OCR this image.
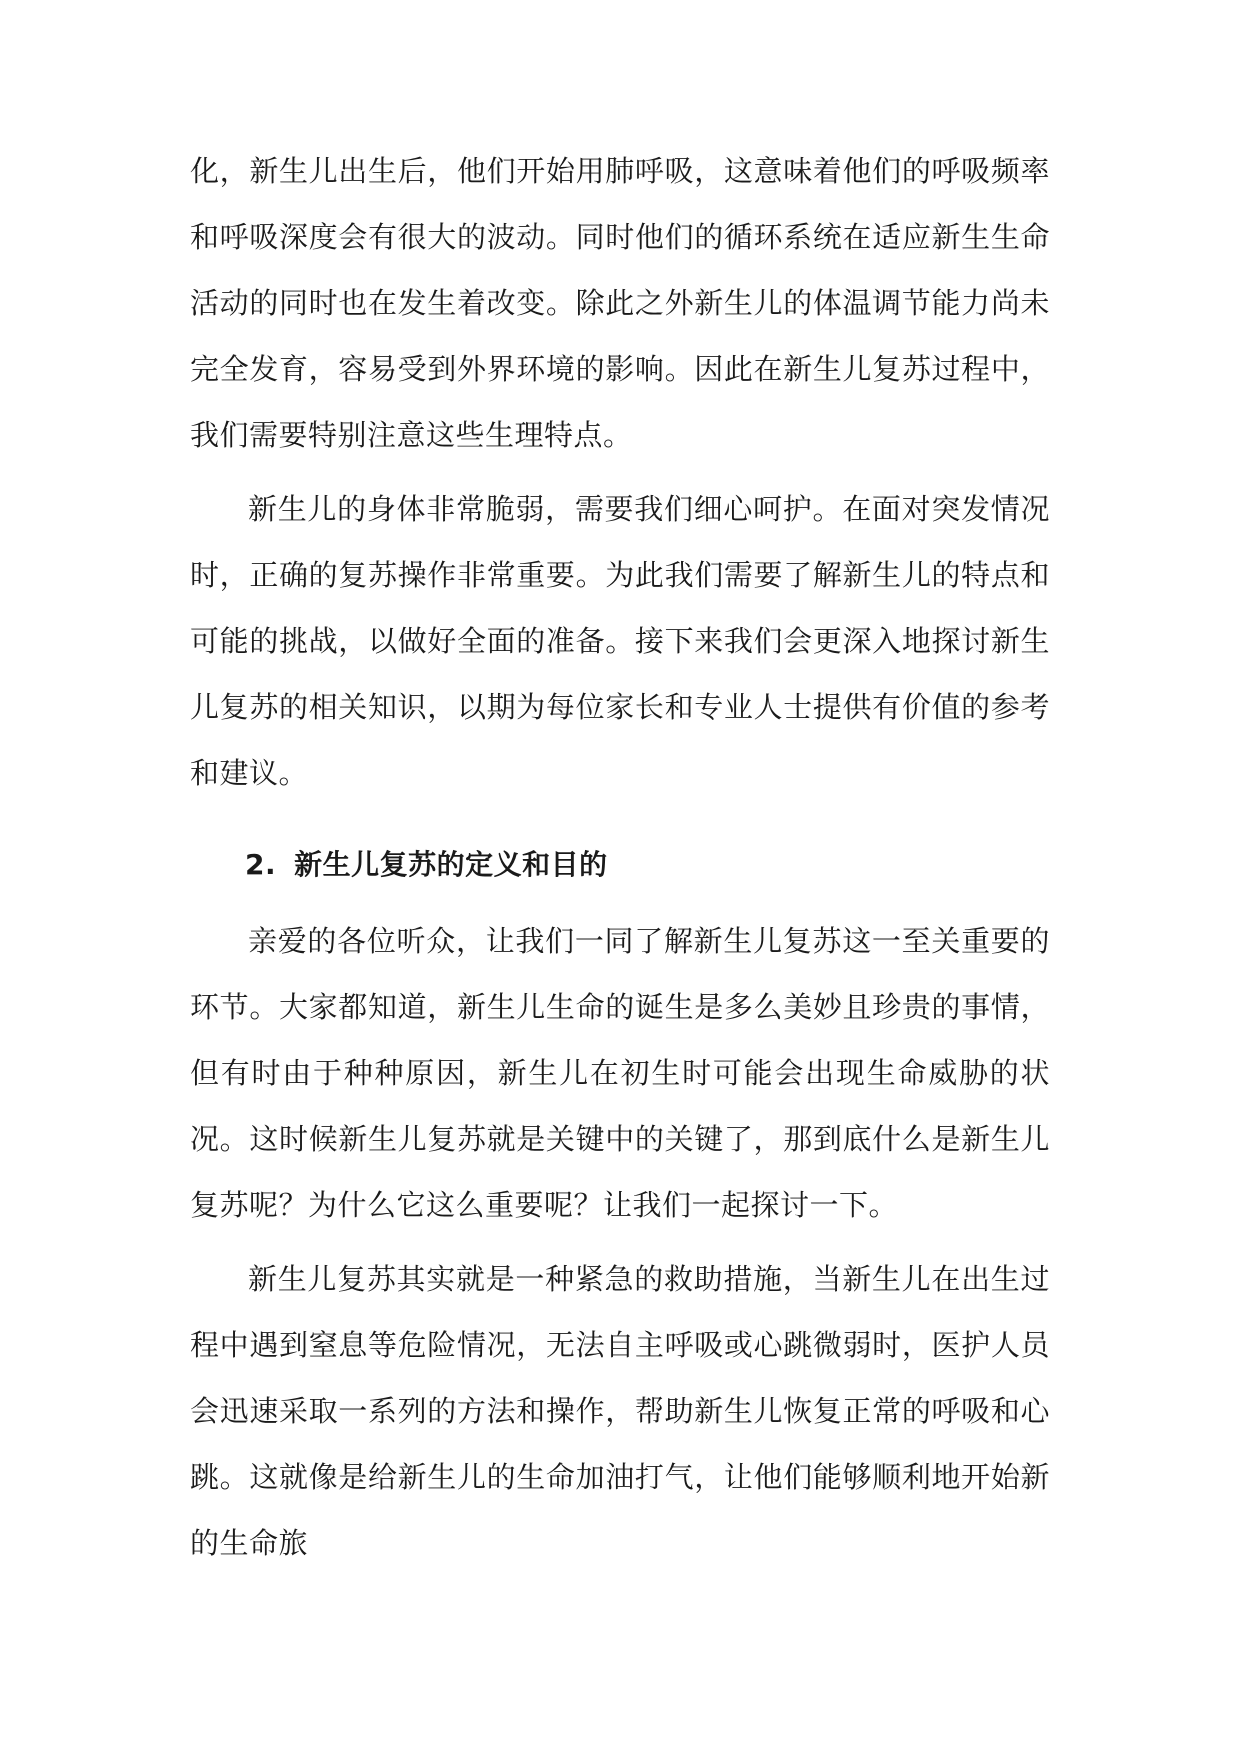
化，新生儿出生后，他们开始用肺呼吸，这意味着他们的呼吸频率和呼吸深度会有很大的波动。同时他们的循环系统在适应新生生命活动的同时也在发生着改变。除此之外新生儿的体温调节能力尚未完全发育，容易受到外界环境的影响。因此在新生儿复苏过程中，我们需要特别注意这些生理特点。

新生儿的身体非常脆弱，需要我们细心呵护。在面对突发情况时，正确的复苏操作非常重要。为此我们需要了解新生儿的特点和可能的挑战，以做好全面的准备。接下来我们会更深入地探讨新生儿复苏的相关知识，以期为每位家长和专业人士提供有价值的参考和建议。

2. 新生儿复苏的定义和目的

亲爱的各位听众，让我们一同了解新生儿复苏这一至关重要的环节。大家都知道，新生儿生命的诞生是多么美妙且珍贵的事情，但有时由于种种原因，新生儿在初生时可能会出现生命威胁的状况。这时候新生儿复苏就是关键中的关键了，那到底什么是新生儿复苏呢？为什么它这么重要呢？让我们一起探讨一下。

新生儿复苏其实就是一种紧急的救助措施，当新生儿在出生过程中遇到窒息等危险情况，无法自主呼吸或心跳微弱时，医护人员会迅速采取一系列的方法和操作，帮助新生儿恢复正常的呼吸和心跳。这就像是给新生儿的生命加油打气，让他们能够顺利地开始新的生命旅
